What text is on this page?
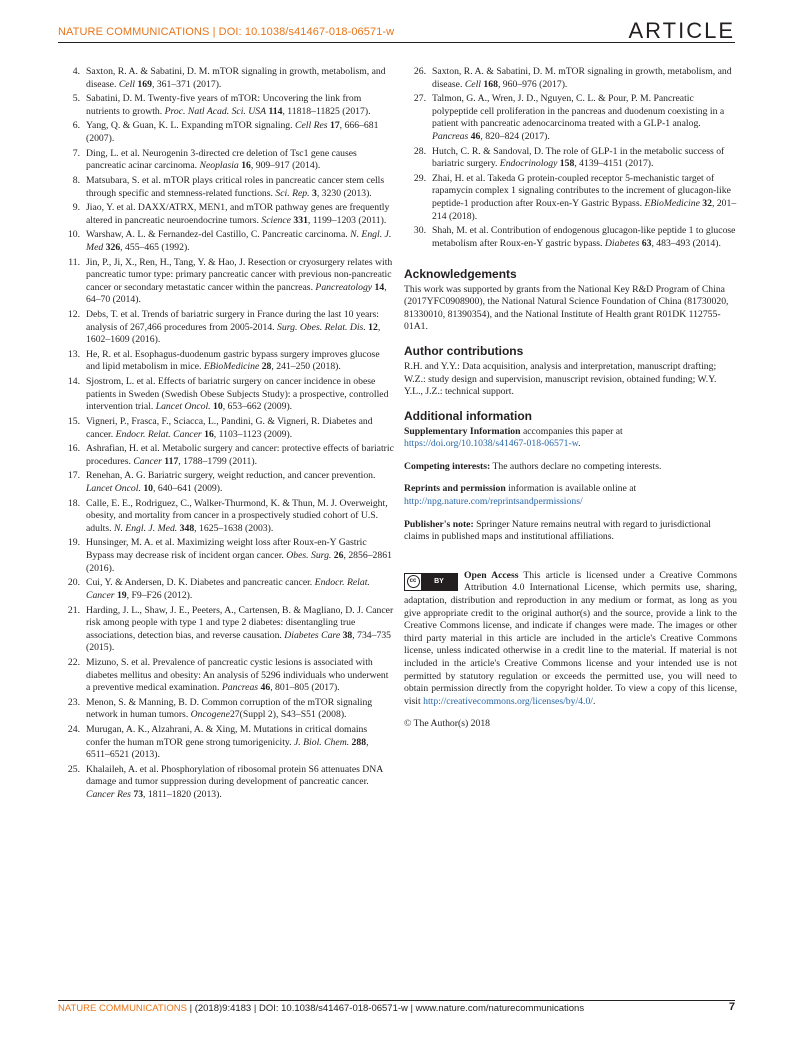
NATURE COMMUNICATIONS | DOI: 10.1038/s41467-018-06571-w	ARTICLE
4. Saxton, R. A. & Sabatini, D. M. mTOR signaling in growth, metabolism, and disease. Cell 169, 361–371 (2017).
5. Sabatini, D. M. Twenty-five years of mTOR: Uncovering the link from nutrients to growth. Proc. Natl Acad. Sci. USA 114, 11818–11825 (2017).
6. Yang, Q. & Guan, K. L. Expanding mTOR signaling. Cell Res 17, 666–681 (2007).
7. Ding, L. et al. Neurogenin 3-directed cre deletion of Tsc1 gene causes pancreatic acinar carcinoma. Neoplasia 16, 909–917 (2014).
8. Matsubara, S. et al. mTOR plays critical roles in pancreatic cancer stem cells through specific and stemness-related functions. Sci. Rep. 3, 3230 (2013).
9. Jiao, Y. et al. DAXX/ATRX, MEN1, and mTOR pathway genes are frequently altered in pancreatic neuroendocrine tumors. Science 331, 1199–1203 (2011).
10. Warshaw, A. L. & Fernandez-del Castillo, C. Pancreatic carcinoma. N. Engl. J. Med 326, 455–465 (1992).
11. Jin, P., Ji, X., Ren, H., Tang, Y. & Hao, J. Resection or cryosurgery relates with pancreatic tumor type: primary pancreatic cancer with previous non-pancreatic cancer or secondary metastatic cancer within the pancreas. Pancreatology 14, 64–70 (2014).
12. Debs, T. et al. Trends of bariatric surgery in France during the last 10 years: analysis of 267,466 procedures from 2005-2014. Surg. Obes. Relat. Dis. 12, 1602–1609 (2016).
13. He, R. et al. Esophagus-duodenum gastric bypass surgery improves glucose and lipid metabolism in mice. EBioMedicine 28, 241–250 (2018).
14. Sjostrom, L. et al. Effects of bariatric surgery on cancer incidence in obese patients in Sweden (Swedish Obese Subjects Study): a prospective, controlled intervention trial. Lancet Oncol. 10, 653–662 (2009).
15. Vigneri, P., Frasca, F., Sciacca, L., Pandini, G. & Vigneri, R. Diabetes and cancer. Endocr. Relat. Cancer 16, 1103–1123 (2009).
16. Ashrafian, H. et al. Metabolic surgery and cancer: protective effects of bariatric procedures. Cancer 117, 1788–1799 (2011).
17. Renehan, A. G. Bariatric surgery, weight reduction, and cancer prevention. Lancet Oncol. 10, 640–641 (2009).
18. Calle, E. E., Rodriguez, C., Walker-Thurmond, K. & Thun, M. J. Overweight, obesity, and mortality from cancer in a prospectively studied cohort of U.S. adults. N. Engl. J. Med. 348, 1625–1638 (2003).
19. Hunsinger, M. A. et al. Maximizing weight loss after Roux-en-Y Gastric Bypass may decrease risk of incident organ cancer. Obes. Surg. 26, 2856–2861 (2016).
20. Cui, Y. & Andersen, D. K. Diabetes and pancreatic cancer. Endocr. Relat. Cancer 19, F9–F26 (2012).
21. Harding, J. L., Shaw, J. E., Peeters, A., Cartensen, B. & Magliano, D. J. Cancer risk among people with type 1 and type 2 diabetes: disentangling true associations, detection bias, and reverse causation. Diabetes Care 38, 734–735 (2015).
22. Mizuno, S. et al. Prevalence of pancreatic cystic lesions is associated with diabetes mellitus and obesity: An analysis of 5296 individuals who underwent a preventive medical examination. Pancreas 46, 801–805 (2017).
23. Menon, S. & Manning, B. D. Common corruption of the mTOR signaling network in human tumors. Oncogene27(Suppl 2), S43–S51 (2008).
24. Murugan, A. K., Alzahrani, A. & Xing, M. Mutations in critical domains confer the human mTOR gene strong tumorigenicity. J. Biol. Chem. 288, 6511–6521 (2013).
25. Khalaileh, A. et al. Phosphorylation of ribosomal protein S6 attenuates DNA damage and tumor suppression during development of pancreatic cancer. Cancer Res 73, 1811–1820 (2013).
26. Saxton, R. A. & Sabatini, D. M. mTOR signaling in growth, metabolism, and disease. Cell 168, 960–976 (2017).
27. Talmon, G. A., Wren, J. D., Nguyen, C. L. & Pour, P. M. Pancreatic polypeptide cell proliferation in the pancreas and duodenum coexisting in a patient with pancreatic adenocarcinoma treated with a GLP-1 analog. Pancreas 46, 820–824 (2017).
28. Hutch, C. R. & Sandoval, D. The role of GLP-1 in the metabolic success of bariatric surgery. Endocrinology 158, 4139–4151 (2017).
29. Zhai, H. et al. Takeda G protein-coupled receptor 5-mechanistic target of rapamycin complex 1 signaling contributes to the increment of glucagon-like peptide-1 production after Roux-en-Y Gastric Bypass. EBioMedicine 32, 201–214 (2018).
30. Shah, M. et al. Contribution of endogenous glucagon-like peptide 1 to glucose metabolism after Roux-en-Y gastric bypass. Diabetes 63, 483–493 (2014).
Acknowledgements
This work was supported by grants from the National Key R&D Program of China (2017YFC0908900), the National Natural Science Foundation of China (81730020, 81330010, 81390354), and the National Institute of Health grant R01DK 112755-01A1.
Author contributions
R.H. and Y.Y.: Data acquisition, analysis and interpretation, manuscript drafting; W.Z.: study design and supervision, manuscript revision, obtained funding; W.Y. Y.L., J.Z.: technical support.
Additional information
Supplementary Information accompanies this paper at https://doi.org/10.1038/s41467-018-06571-w.
Competing interests: The authors declare no competing interests.
Reprints and permission information is available online at http://npg.nature.com/reprintsandpermissions/
Publisher's note: Springer Nature remains neutral with regard to jurisdictional claims in published maps and institutional affiliations.
cc	BY
Open Access This article is licensed under a Creative Commons Attribution 4.0 International License, which permits use, sharing, adaptation, distribution and reproduction in any medium or format, as long as you give appropriate credit to the original author(s) and the source, provide a link to the Creative Commons license, and indicate if changes were made. The images or other third party material in this article are included in the article's Creative Commons license, unless indicated otherwise in a credit line to the material. If material is not included in the article's Creative Commons license and your intended use is not permitted by statutory regulation or exceeds the permitted use, you will need to obtain permission directly from the copyright holder. To view a copy of this license, visit http://creativecommons.org/licenses/by/4.0/.
© The Author(s) 2018
NATURE COMMUNICATIONS | (2018)9:4183 | DOI: 10.1038/s41467-018-06571-w | www.nature.com/naturecommunications	7
